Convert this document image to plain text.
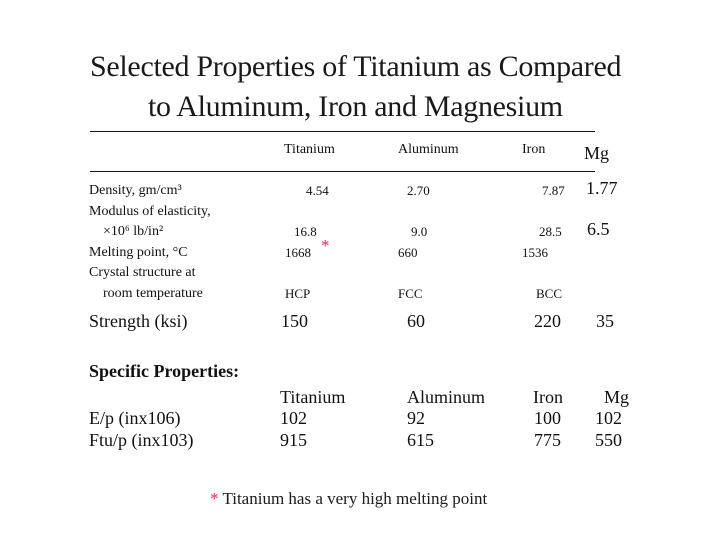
Selected Properties of Titanium as Compared
to Aluminum, Iron and Magnesium
Titanium	Aluminum	Iron Mg
Density, gm/cm³	4.54	2.70	7.87 1.77
Modulus of elasticity,
×10⁶ lb/in²	16.8	9.0	28.5 6.5
Melting point, °C	1668 *	660	1536
Crystal structure at
room temperature	HCP	FCC	BCC
Strength (ksi)	150	60	220 35
Specific Properties:
Titanium	Aluminum	Iron Mg
E/p (inx106)	102	92	100 102
Ftu/p (inx103)	915	615	775 550
* Titanium has a very high melting point
